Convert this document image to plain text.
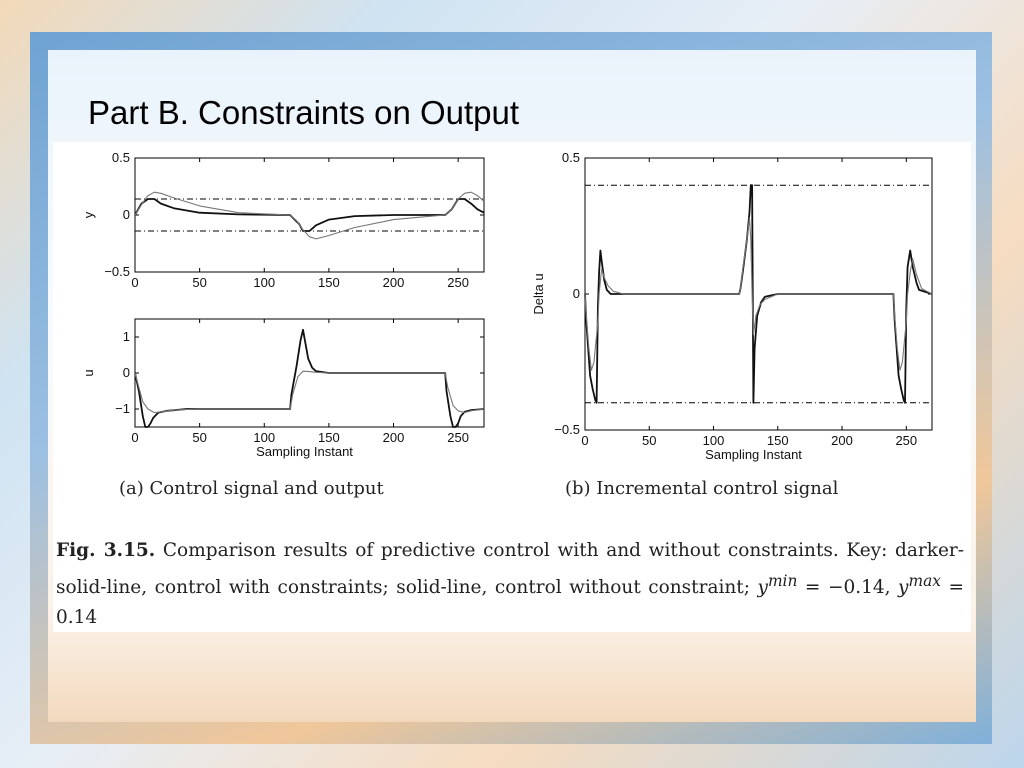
Part B. Constraints on Output
0	50	100	150	200	250
0.5
0
−0.5
y
0	50	100	150	200	250
1
0
−1
u
Sampling Instant
0	50	100	150	200	250
0.5
0
−0.5
Delta u
Sampling Instant
(a) Control signal and output	(b) Incremental control signal
Fig. 3.15. Comparison results of predictive control with and without constraints. Key: darker-solid-line, control with constraints; solid-line, control without constraint; $y^{min} = -0.14$, $y^{max} = 0.14$
